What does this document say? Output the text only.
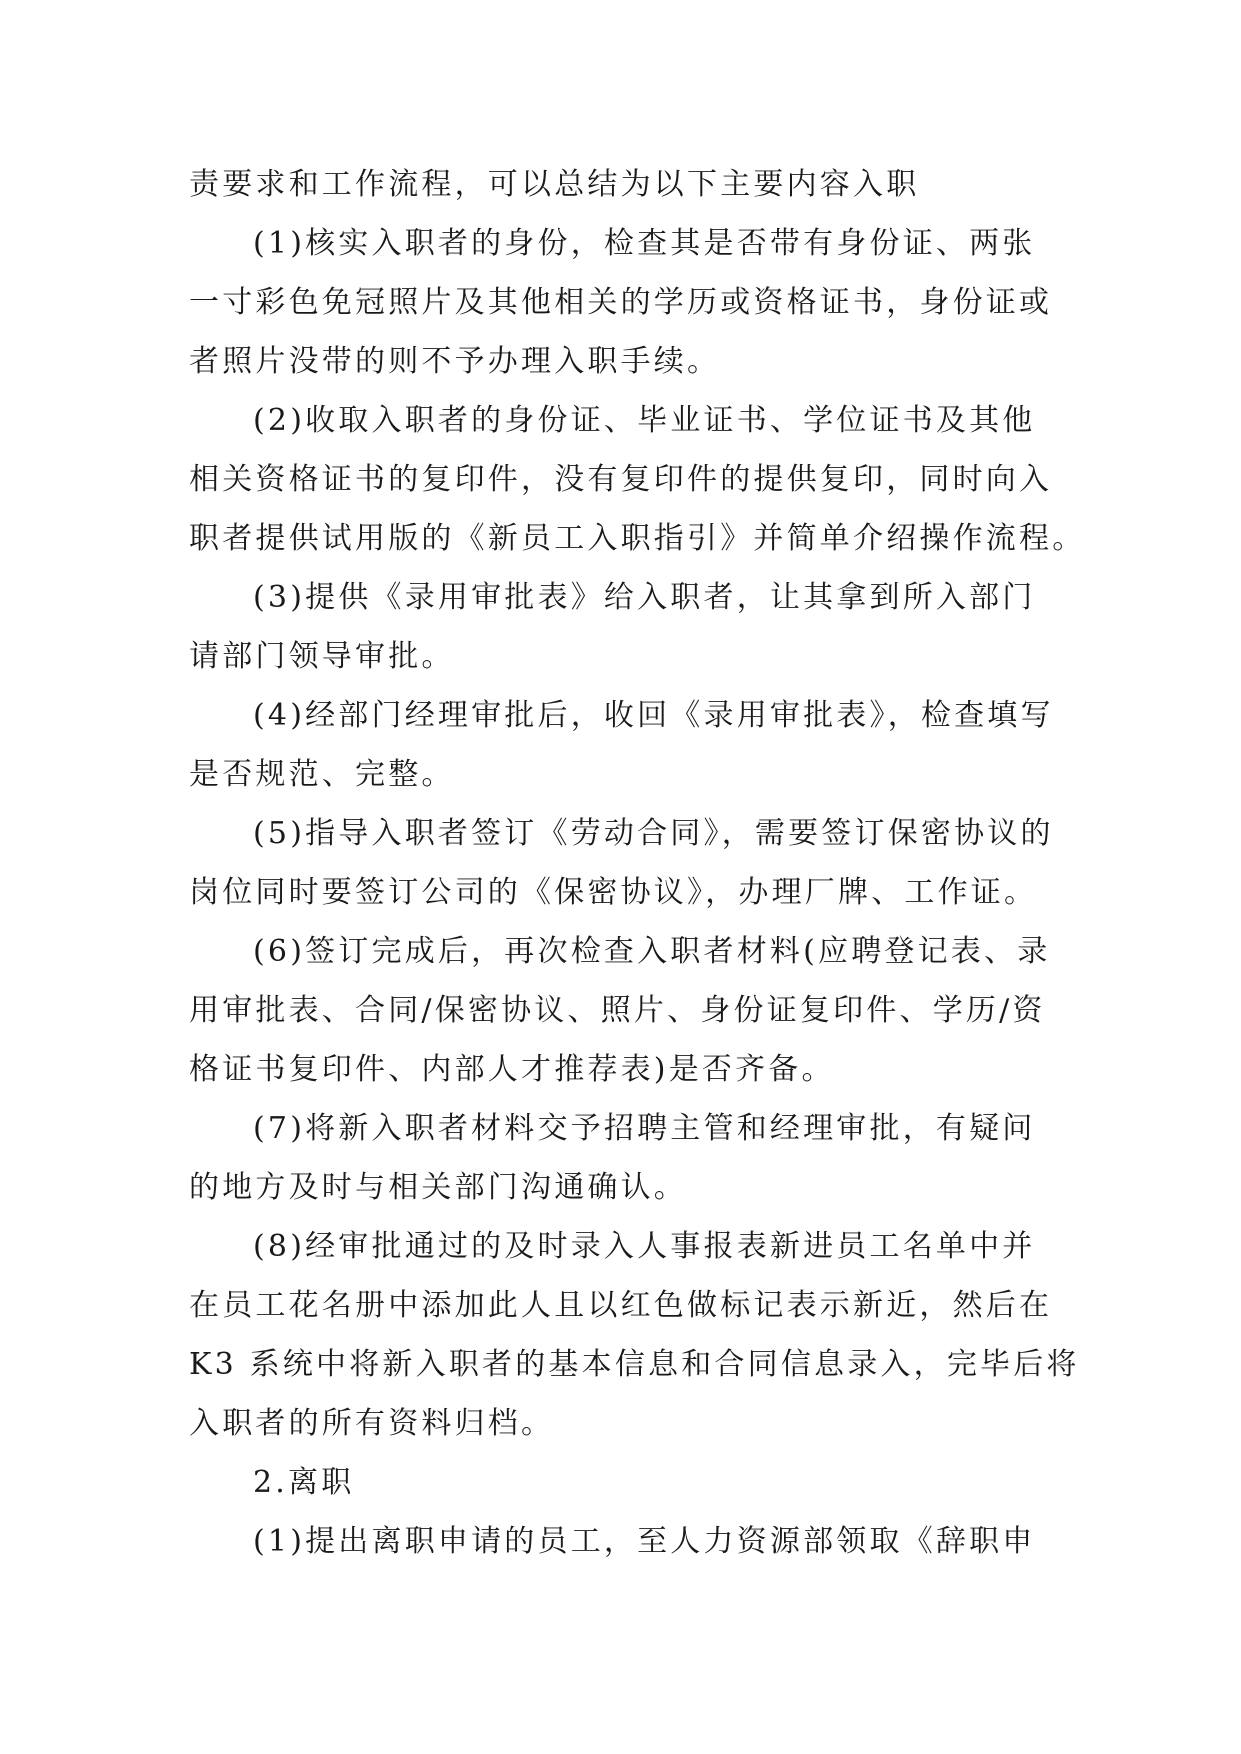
责要求和工作流程，可以总结为以下主要内容入职
(1)核实入职者的身份，检查其是否带有身份证、两张
一寸彩色免冠照片及其他相关的学历或资格证书，身份证或
者照片没带的则不予办理入职手续。
(2)收取入职者的身份证、毕业证书、学位证书及其他
相关资格证书的复印件，没有复印件的提供复印，同时向入
职者提供试用版的《新员工入职指引》并简单介绍操作流程。
(3)提供《录用审批表》给入职者，让其拿到所入部门
请部门领导审批。
(4)经部门经理审批后，收回《录用审批表》，检查填写
是否规范、完整。
(5)指导入职者签订《劳动合同》，需要签订保密协议的
岗位同时要签订公司的《保密协议》，办理厂牌、工作证。
(6)签订完成后，再次检查入职者材料(应聘登记表、录
用审批表、合同/保密协议、照片、身份证复印件、学历/资
格证书复印件、内部人才推荐表)是否齐备。
(7)将新入职者材料交予招聘主管和经理审批，有疑问
的地方及时与相关部门沟通确认。
(8)经审批通过的及时录入人事报表新进员工名单中并
在员工花名册中添加此人且以红色做标记表示新近，然后在
K3 系统中将新入职者的基本信息和合同信息录入，完毕后将
入职者的所有资料归档。
2.离职
(1)提出离职申请的员工，至人力资源部领取《辞职申
